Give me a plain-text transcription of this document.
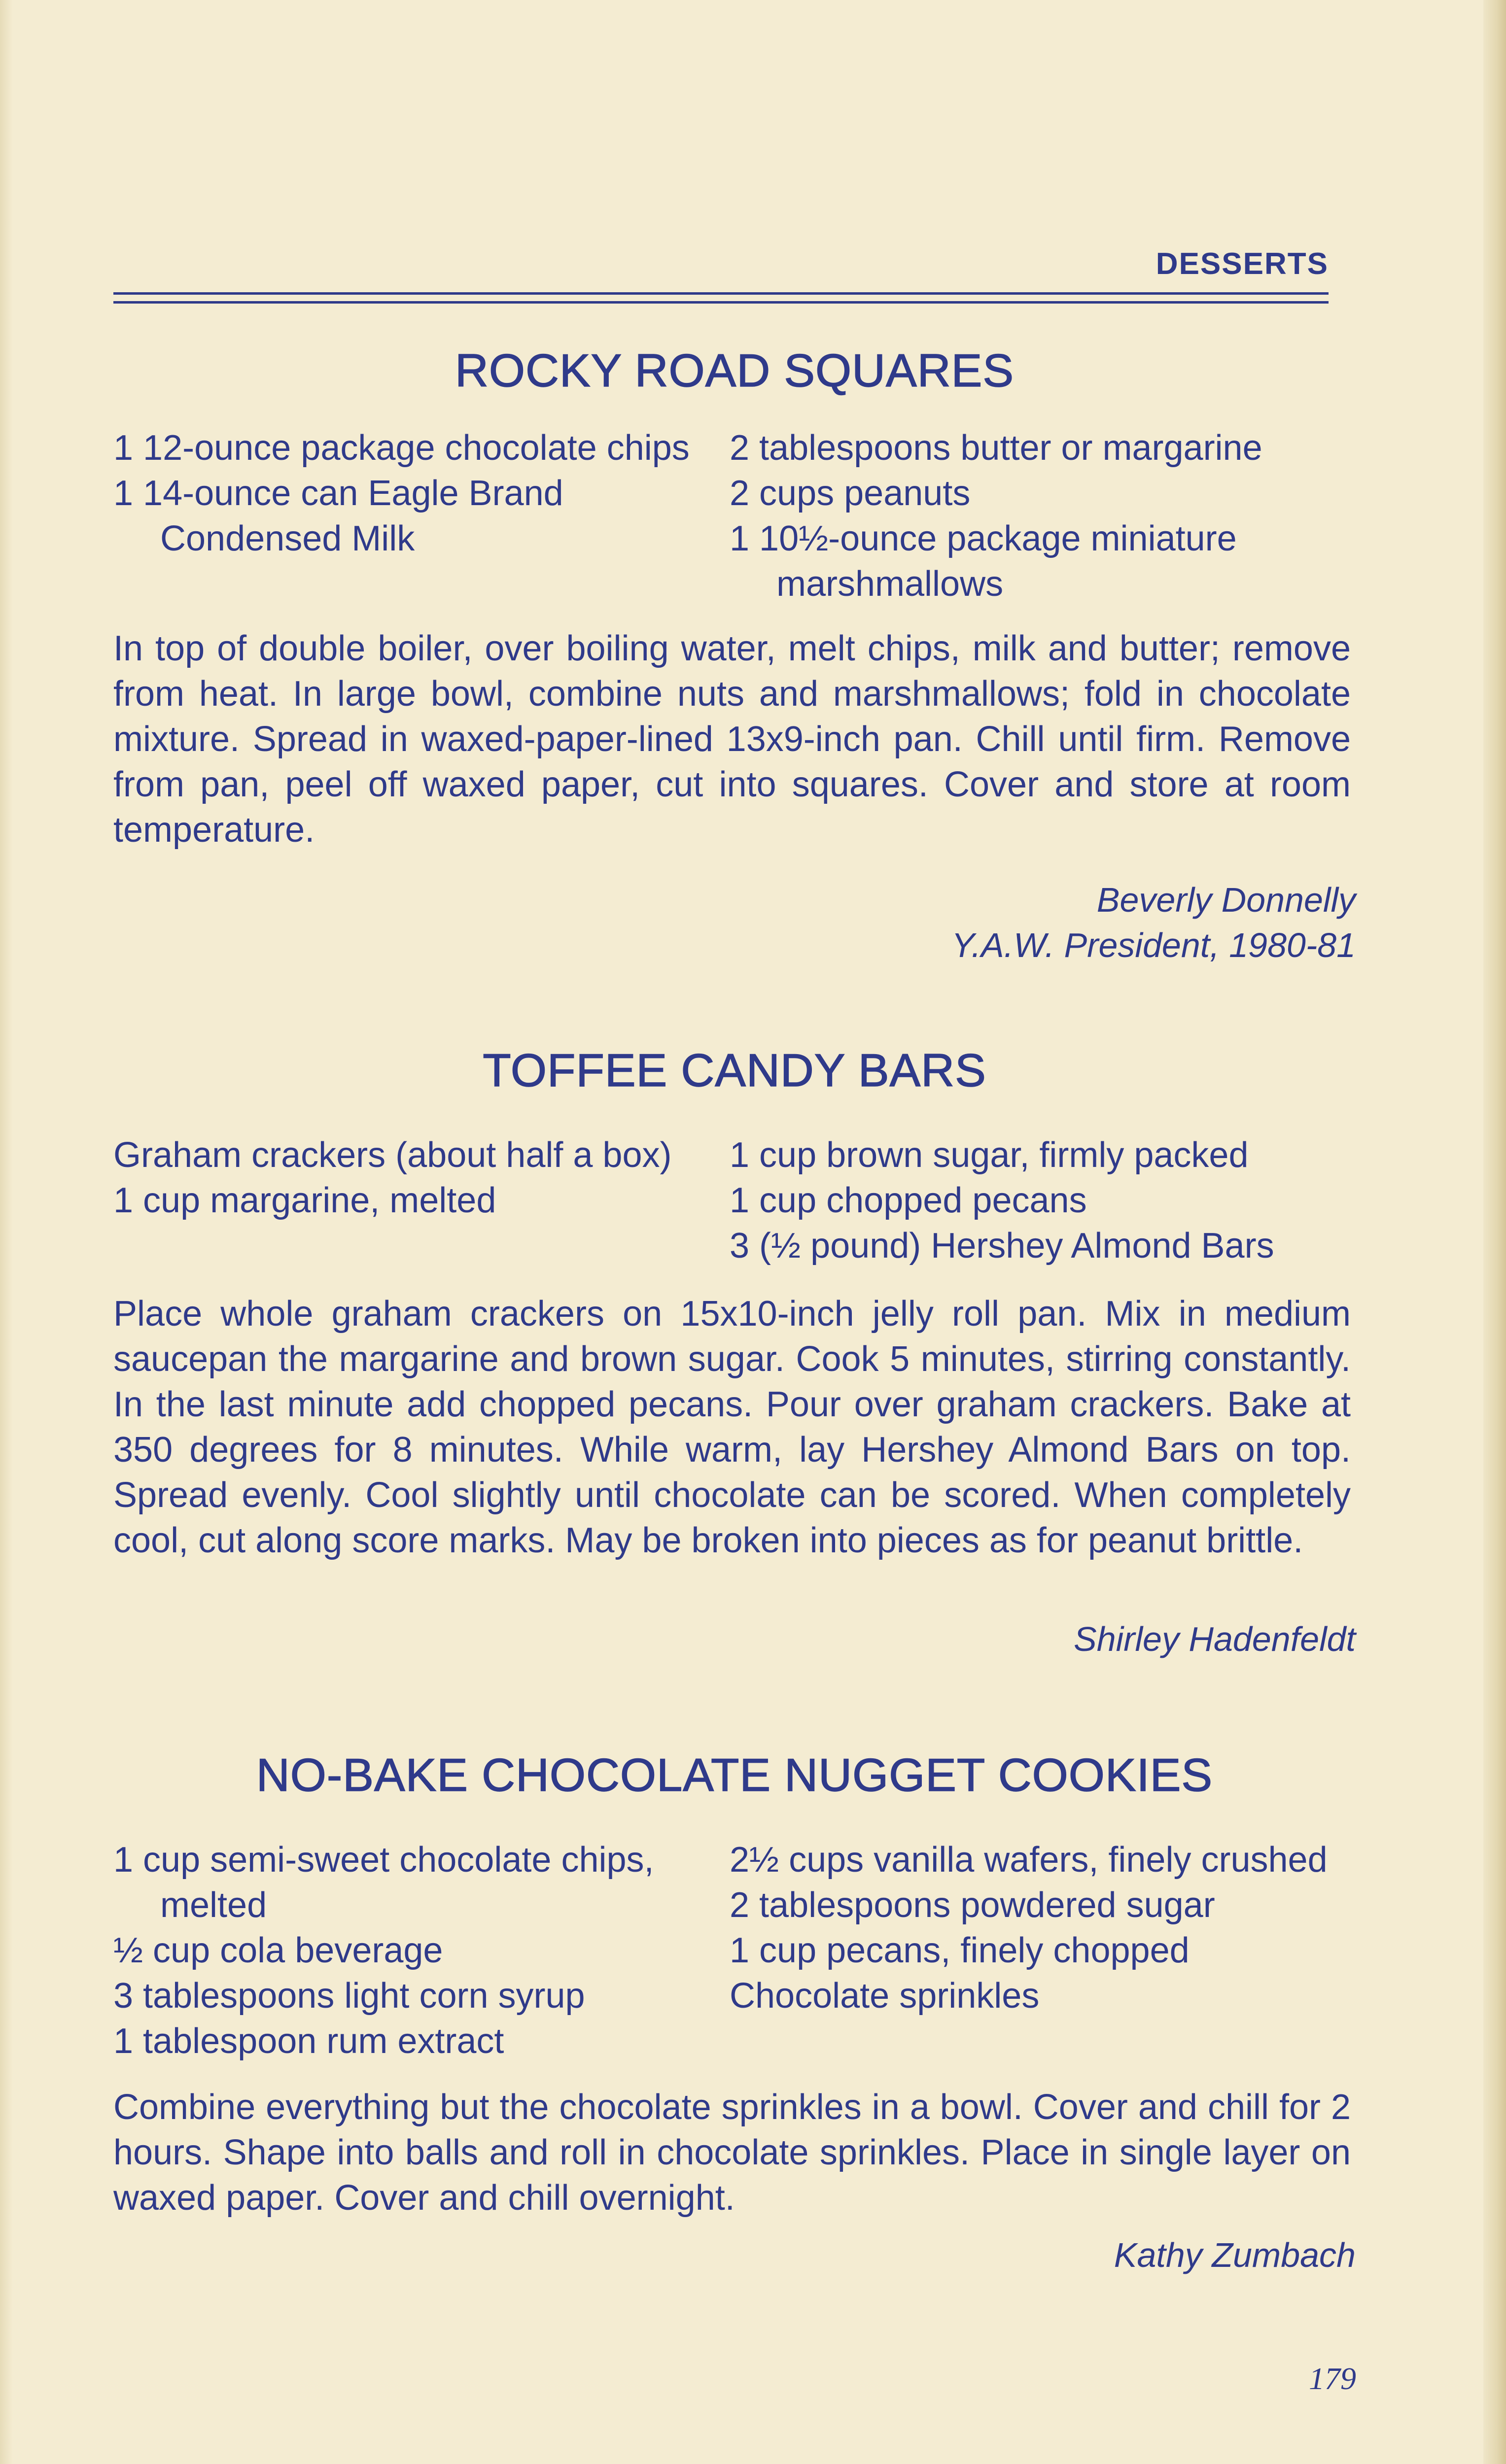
DESSERTS
ROCKY ROAD SQUARES

1 12-ounce package chocolate chips

1 14-ounce can Eagle Brand Condensed Milk

2 tablespoons butter or margarine

2 cups peanuts

1 10½-ounce package miniature marshmallows

In top of double boiler, over boiling water, melt chips, milk and butter; remove from heat. In large bowl, combine nuts and marshmallows; fold in chocolate mixture. Spread in waxed-paper-lined 13x9-inch pan. Chill until firm. Remove from pan, peel off waxed paper, cut into squares. Cover and store at room temperature.

Beverly Donnelly
Y.A.W. President, 1980-81
TOFFEE CANDY BARS

Graham crackers (about half a box)

1 cup margarine, melted

1 cup brown sugar, firmly packed

1 cup chopped pecans

3 (½ pound) Hershey Almond Bars

Place whole graham crackers on 15x10-inch jelly roll pan. Mix in medium saucepan the margarine and brown sugar. Cook 5 minutes, stirring constantly. In the last minute add chopped pecans. Pour over graham crackers. Bake at 350 degrees for 8 minutes. While warm, lay Hershey Almond Bars on top. Spread evenly. Cool slightly until chocolate can be scored. When completely cool, cut along score marks. May be broken into pieces as for peanut brittle.

Shirley Hadenfeldt
NO-BAKE CHOCOLATE NUGGET COOKIES

1 cup semi-sweet chocolate chips, melted

½ cup cola beverage

3 tablespoons light corn syrup

1 tablespoon rum extract

2½ cups vanilla wafers, finely crushed

2 tablespoons powdered sugar

1 cup pecans, finely chopped

Chocolate sprinkles

Combine everything but the chocolate sprinkles in a bowl. Cover and chill for 2 hours. Shape into balls and roll in chocolate sprinkles. Place in single layer on waxed paper. Cover and chill overnight.

Kathy Zumbach
179
